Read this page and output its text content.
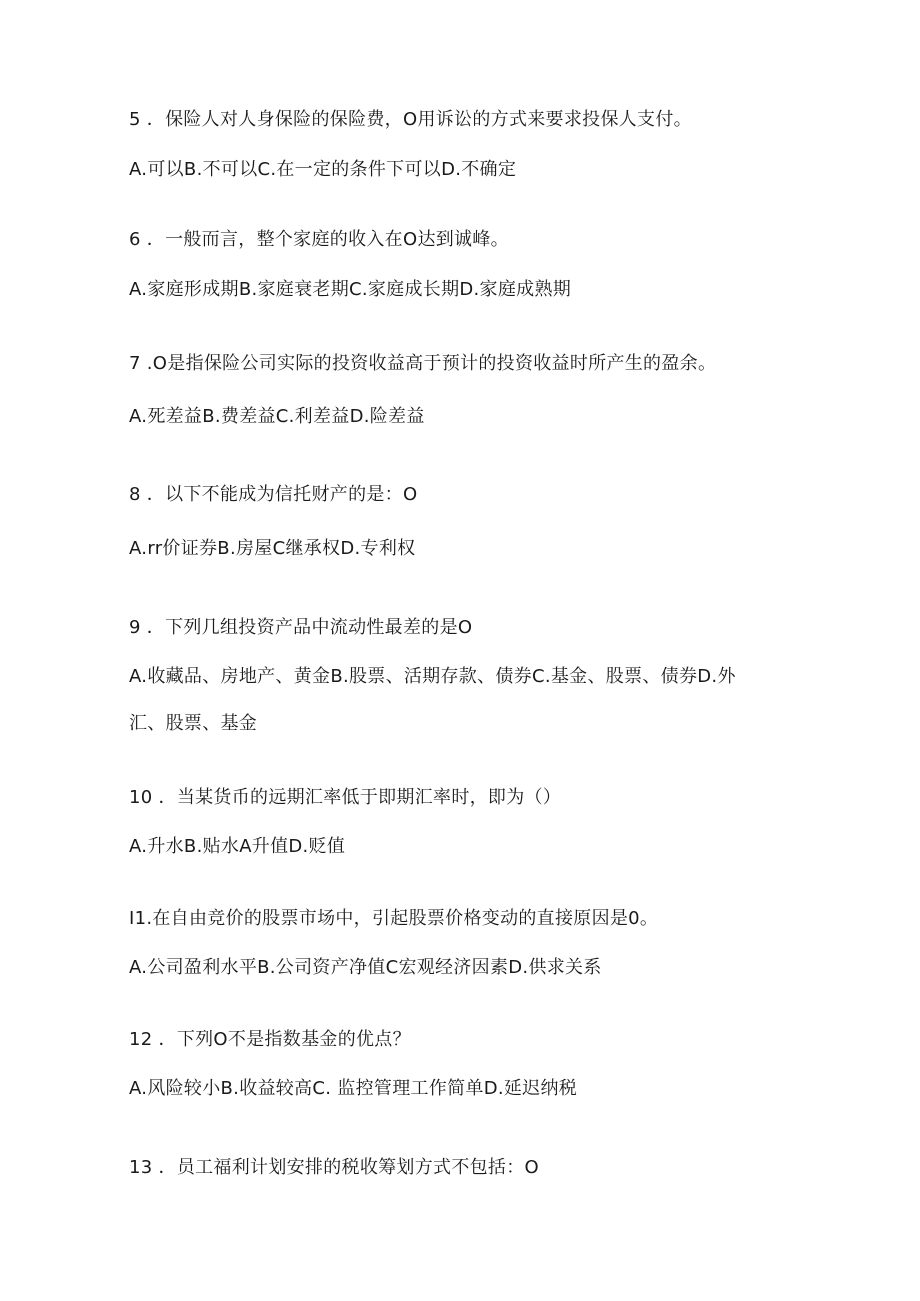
5 ．保险人对人身保险的保险费，O用诉讼的方式来要求投保人支付。
A.可以B.不可以C.在一定的条件下可以D.不确定
6 ．一般而言，整个家庭的收入在O达到诚峰。
A.家庭形成期B.家庭衰老期C.家庭成长期D.家庭成熟期
7 .O是指保险公司实际的投资收益高于预计的投资收益时所产生的盈余。
A.死差益B.费差益C.利差益D.险差益
8 ．以下不能成为信托财产的是：O
A.rr价证券B.房屋C继承权D.专利权
9 ．下列几组投资产品中流动性最差的是O
A.收藏品、房地产、黄金B.股票、活期存款、债券C.基金、股票、债券D.外
汇、股票、基金
10 ．当某货币的远期汇率低于即期汇率时，即为（）
A.升水B.贴水A升值D.贬值
I1.在自由竞价的股票市场中，引起股票价格变动的直接原因是0。
A.公司盈利水平B.公司资产净值C宏观经济因素D.供求关系
12 ．下列O不是指数基金的优点？
A.风险较小B.收益较高C. 监控管理工作简单D.延迟纳税
13 ．员工福利计划安排的税收筹划方式不包括：O
